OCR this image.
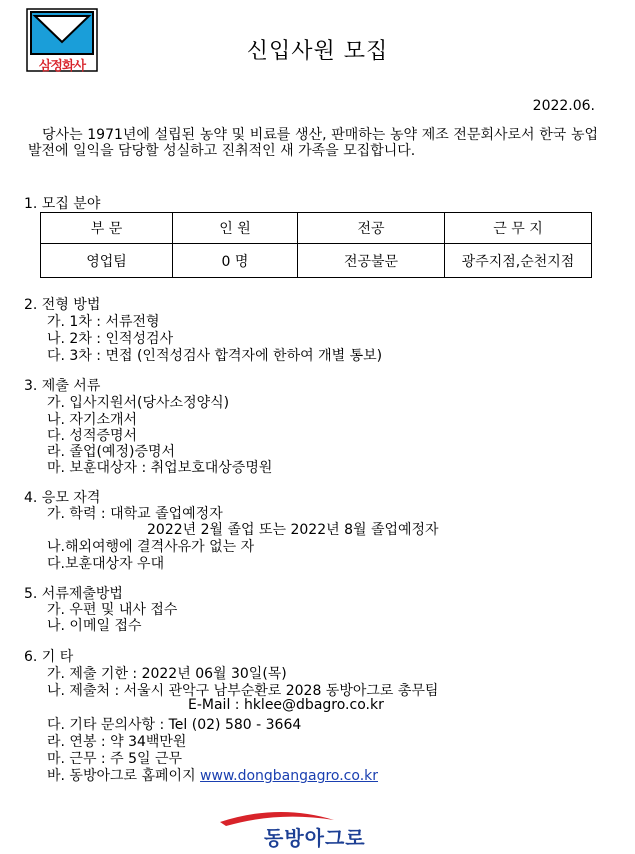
삼정화사
신입사원 모집
2022.06.
당사는 1971년에 설립된 농약 및 비료를 생산, 판매하는 농약 제조 전문회사로서 한국 농업 발전에 일익을 담당할 성실하고 진취적인 새 가족을 모집합니다.
1. 모집 분야
부 문	인 원	전공	근 무 지
영업팀	0 명	전공불문	광주지점,순천지점
2. 전형 방법
가. 1차 : 서류전형
나. 2차 : 인적성검사
다. 3차 : 면접 (인적성검사 합격자에 한하여 개별 통보)
3. 제출 서류
가. 입사지원서(당사소정양식)
나. 자기소개서
다. 성적증명서
라. 졸업(예정)증명서
마. 보훈대상자 : 취업보호대상증명원
4. 응모 자격
가. 학력 : 대학교 졸업예정자
2022년 2월 졸업 또는 2022년 8월 졸업예정자
나.해외여행에 결격사유가 없는 자
다.보훈대상자 우대
5. 서류제출방법
가. 우편 및 내사 접수
나. 이메일 접수
6. 기 타
가. 제출 기한 : 2022년 06월 30일(목)
나. 제출처 : 서울시 관악구 남부순환로 2028 동방아그로 총무팀
E-Mail : hklee@dbagro.co.kr
다. 기타 문의사항 : Tel (02) 580 - 3664
라. 연봉 : 약 34백만원
마. 근무 : 주 5일 근무
바. 동방아그로 홈페이지 www.dongbangagro.co.kr
동방아그로
